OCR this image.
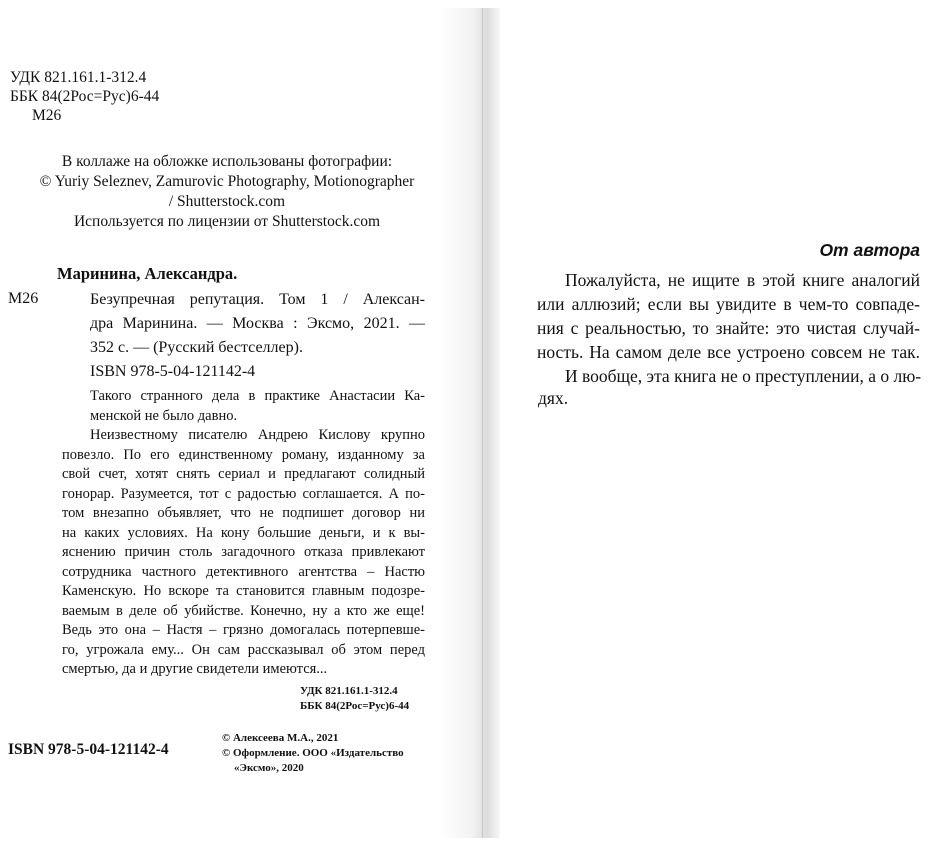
УДК 821.161.1-312.4
ББК 84(2Рос=Рус)6-44
М26
В коллаже на обложке использованы фотографии:
© Yuriy Seleznev, Zamurovic Photography, Motionographer
/ Shutterstock.com
Используется по лицензии от Shutterstock.com
Маринина, Александра.
М26	Безупречная репутация. Том 1 / Алексан-
дра Маринина. — Москва : Эксмо, 2021. —
352 с. — (Русский бестселлер).
ISBN 978-5-04-121142-4
Такого странного дела в практике Анастасии Ка-
менской не было давно.
Неизвестному писателю Андрею Кислову крупно
повезло. По его единственному роману, изданному за
свой счет, хотят снять сериал и предлагают солидный
гонорар. Разумеется, тот с радостью соглашается. А по-
том внезапно объявляет, что не подпишет договор ни
на каких условиях. На кону большие деньги, и к вы-
яснению причин столь загадочного отказа привлекают
сотрудника частного детективного агентства – Настю
Каменскую. Но вскоре та становится главным подозре-
ваемым в деле об убийстве. Конечно, ну а кто же еще!
Ведь это она – Настя – грязно домогалась потерпевше-
го, угрожала ему... Он сам рассказывал об этом перед
смертью, да и другие свидетели имеются...
УДК 821.161.1-312.4
ББК 84(2Рос=Рус)6-44
© Алексеева М.А., 2021
© Оформление. ООО «Издательство
«Эксмо», 2020
ISBN 978-5-04-121142-4
От автора
Пожалуйста, не ищите в этой книге аналогий
или аллюзий; если вы увидите в чем-то совпаде-
ния с реальностью, то знайте: это чистая случай-
ность. На самом деле все устроено совсем не так.
И вообще, эта книга не о преступлении, а о лю-
дях.
